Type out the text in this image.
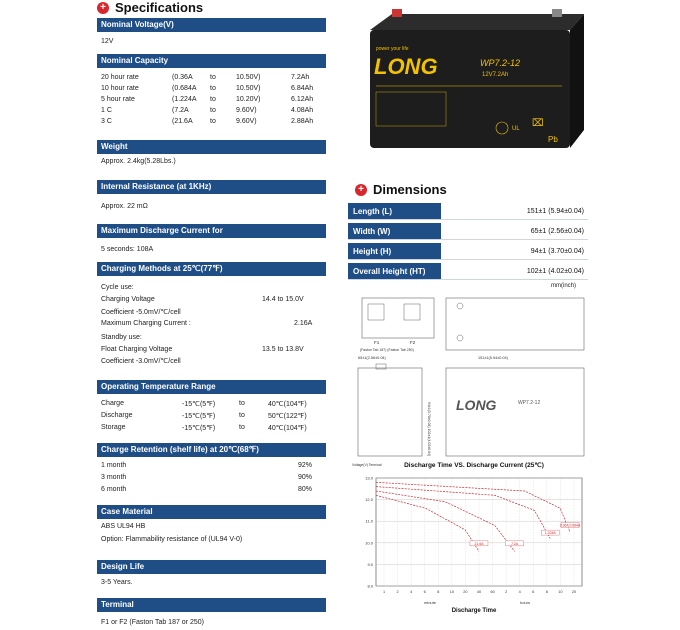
+ Specifications
Nominal Voltage(V)
12V
Nominal Capacity
20 hour rate	(0.36A to	10.50V)	7.2Ah
10 hour rate	(0.684A to	10.50V)	6.84Ah
5 hour rate	(1.224A to	10.20V)	6.12Ah
1 C	(7.2A	to	9.60V)	4.08Ah
3 C	(21.6A to	9.60V)	2.88Ah
Weight
Approx. 2.4kg(5.28Lbs.)
Internal Resistance (at 1KHz)
Approx. 22 mΩ
Maximum Discharge Current for
5 seconds: 108A
Charging Methods at 25℃(77℉)
Cycle use:
Charging Voltage	14.4 to 15.0V
Coefficient -5.0mV/℃/cell
Maximum Charging Current :	2.16A
Standby use:
Float Charging Voltage	13.5 to 13.8V
Coefficient -3.0mV/℃/cell
Operating Temperature Range
Charge	-15℃(5℉)	to	40℃(104℉)
Discharge	-15℃(5℉)	to	50℃(122℉)
Storage	-15℃(5℉)	to	40℃(104℉)
Charge Retention (shelf life) at 20℃(68℉)
1 month	92%
3 month	90%
6 month	80%
Case Material
ABS UL94 HB
Option: Flammability resistance of (UL94 V-0)
Design Life
3-5 Years.
Terminal
F1 or F2 (Faston Tab 187 or 250)
power your life
LONG	WP7.2-12
12V7.2Ah
UL ⌧
Pb
+ Dimensions
Length (L)	151±1 (5.94±0.04)
Width (W)	65±1 (2.56±0.04)
Height (H)	94±1 (3.70±0.04)
Overall Height (HT)	102±1 (4.02±0.04)
mm(inch)
F1	F2
(Faston Tab 187) (Faston Tab 250)
65±1(2.56±0.04)	151±1(5.94±0.04)
94±1(3.70±0.04) 102±1(4.02±0.04) LONG	WP7.2-12
Discharge Time VS. Discharge Current (25℃)
Voltage(V) Terminal
Discharge Time
minute	hours
8.0
9.0
10.0
11.0
12.0
13.0
1	2	4	6	8	10 20 40 60	2	4	6	8	10 20
21.6A	7.2A
1.224A
0.36A 0.684A
